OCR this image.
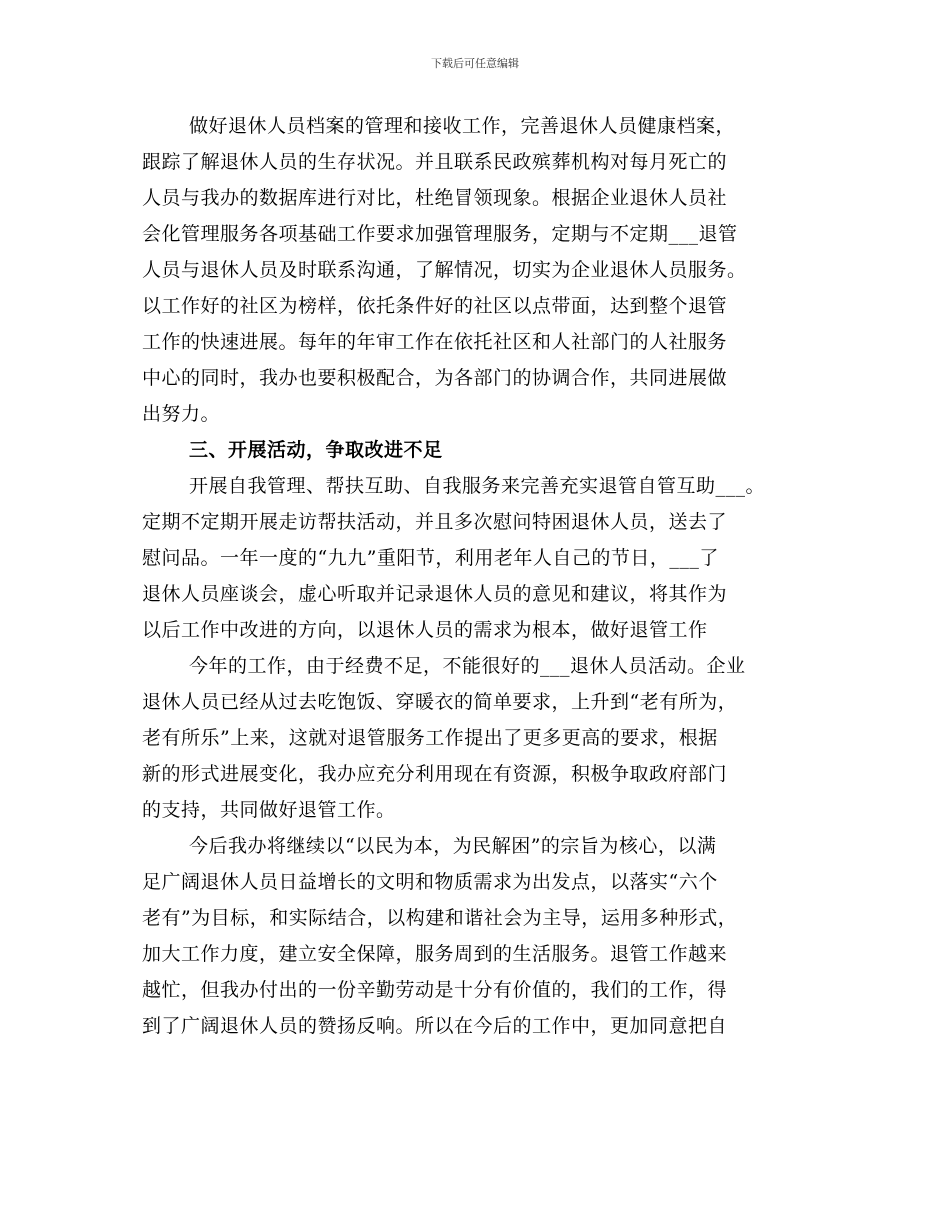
下载后可任意编辑
做好退休人员档案的管理和接收工作，完善退休人员健康档案，
跟踪了解退休人员的生存状况。并且联系民政殡葬机构对每月死亡的
人员与我办的数据库进行对比，杜绝冒领现象。根据企业退休人员社
会化管理服务各项基础工作要求加强管理服务，定期与不定期___退管
人员与退休人员及时联系沟通，了解情况，切实为企业退休人员服务。
以工作好的社区为榜样，依托条件好的社区以点带面，达到整个退管
工作的快速进展。每年的年审工作在依托社区和人社部门的人社服务
中心的同时，我办也要积极配合，为各部门的协调合作，共同进展做
出努力。
三、开展活动，争取改进不足
开展自我管理、帮扶互助、自我服务来完善充实退管自管互助___。
定期不定期开展走访帮扶活动，并且多次慰问特困退休人员，送去了
慰问品。一年一度的“九九”重阳节，利用老年人自己的节日，___了
退休人员座谈会，虚心听取并记录退休人员的意见和建议，将其作为
以后工作中改进的方向，以退休人员的需求为根本，做好退管工作
今年的工作，由于经费不足，不能很好的___退休人员活动。企业
退休人员已经从过去吃饱饭、穿暖衣的简单要求，上升到“老有所为，
老有所乐”上来，这就对退管服务工作提出了更多更高的要求，根据
新的形式进展变化，我办应充分利用现在有资源，积极争取政府部门
的支持，共同做好退管工作。
今后我办将继续以“以民为本，为民解困”的宗旨为核心，以满
足广阔退休人员日益增长的文明和物质需求为出发点，以落实“六个
老有”为目标，和实际结合，以构建和谐社会为主导，运用多种形式，
加大工作力度，建立安全保障，服务周到的生活服务。退管工作越来
越忙，但我办付出的一份辛勤劳动是十分有价值的，我们的工作，得
到了广阔退休人员的赞扬反响。所以在今后的工作中，更加同意把自
